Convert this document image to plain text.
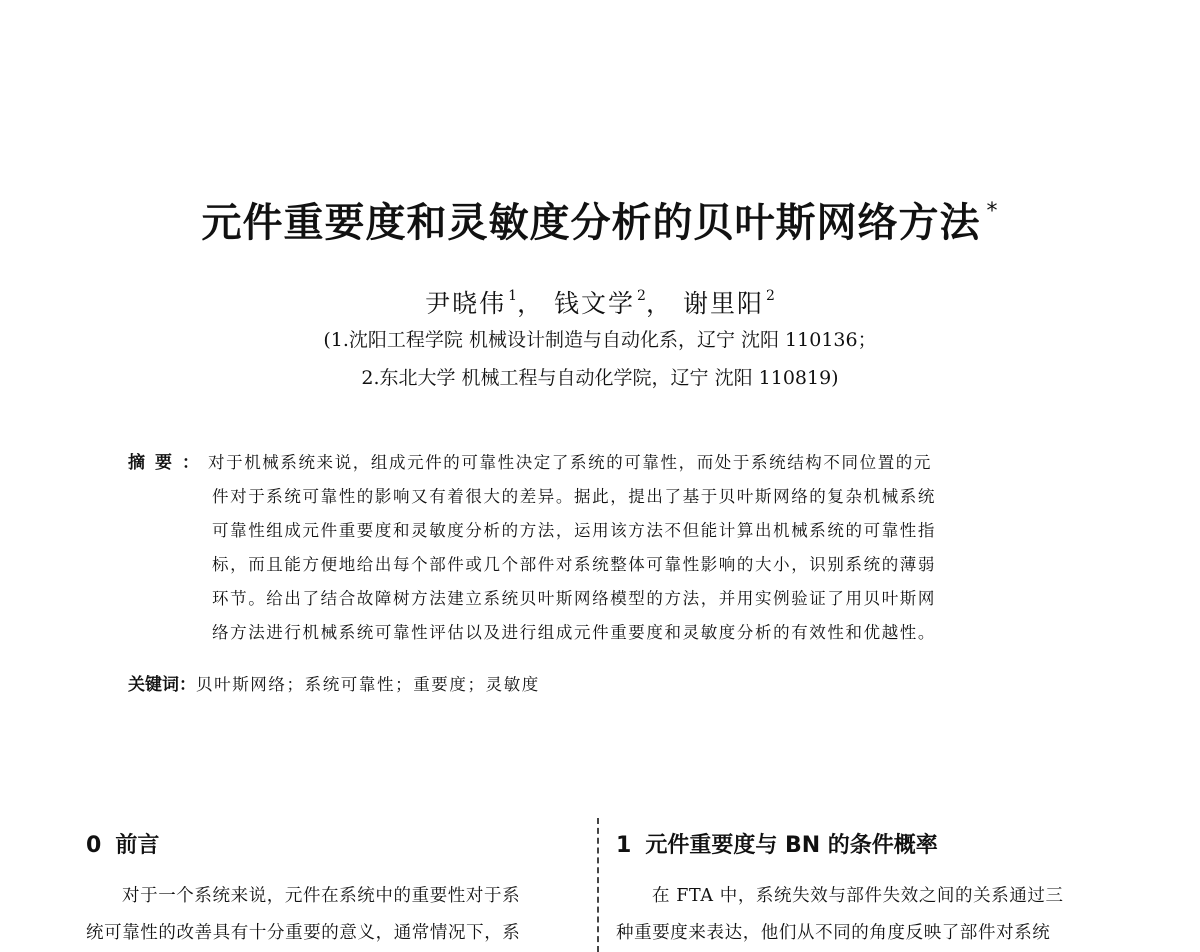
元件重要度和灵敏度分析的贝叶斯网络方法 *
尹晓伟 $^1$， 钱文学 $^2$， 谢里阳 $^2$
(1.沈阳工程学院 机械设计制造与自动化系，辽宁 沈阳 110136；
2.东北大学 机械工程与自动化学院，辽宁 沈阳 110819)
摘要： 对于机械系统来说，组成元件的可靠性决定了系统的可靠性，而处于系统结构不同位置的元
件对于系统可靠性的影响又有着很大的差异。据此，提出了基于贝叶斯网络的复杂机械系统
可靠性组成元件重要度和灵敏度分析的方法，运用该方法不但能计算出机械系统的可靠性指
标，而且能方便地给出每个部件或几个部件对系统整体可靠性影响的大小，识别系统的薄弱
环节。给出了结合故障树方法建立系统贝叶斯网络模型的方法，并用实例验证了用贝叶斯网
络方法进行机械系统可靠性评估以及进行组成元件重要度和灵敏度分析的有效性和优越性。
关键词：贝叶斯网络；系统可靠性；重要度；灵敏度
0 前言
对于一个系统来说，元件在系统中的重要性对于系
统可靠性的改善具有十分重要的意义，通常情况下，系
1 元件重要度与 BN 的条件概率
在 FTA 中，系统失效与部件失效之间的关系通过三
种重要度来表达，他们从不同的角度反映了部件对系统
